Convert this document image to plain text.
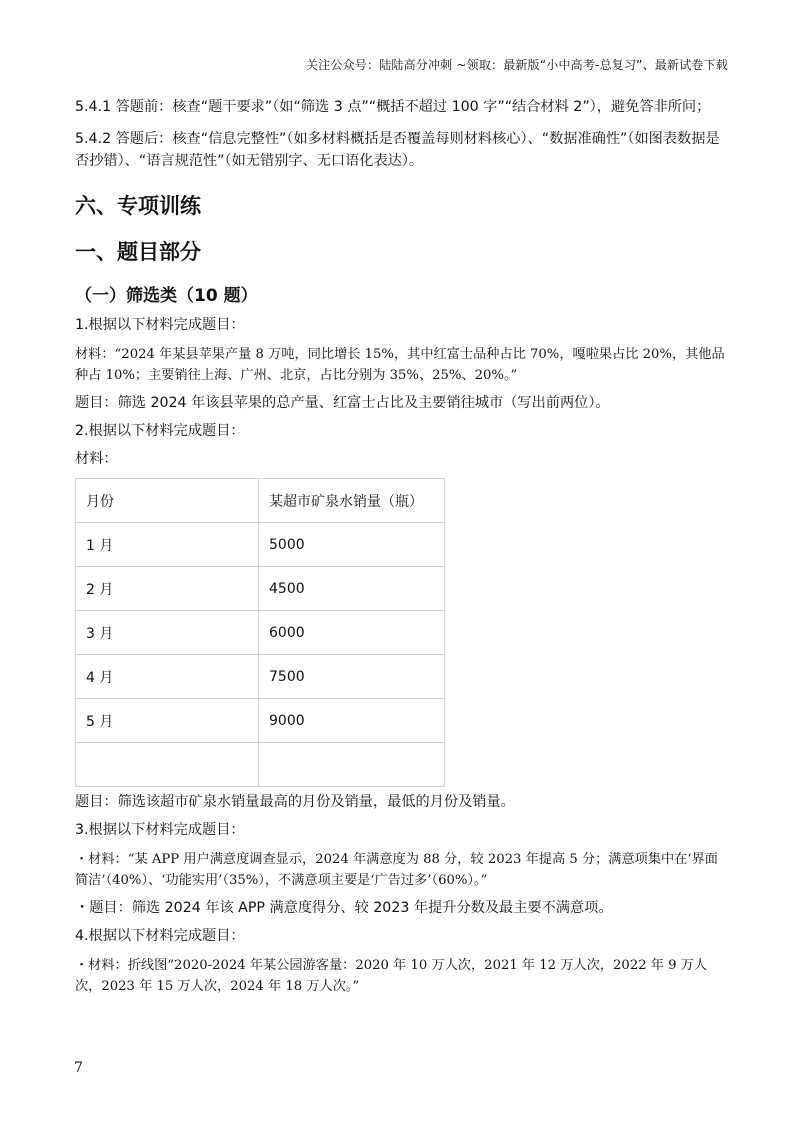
关注公众号：陆陆高分冲刺 ~领取：最新版“小中高考-总复习”、最新试卷下载

5.4.1 答题前：核查“题干要求”（如“筛选 3 点”“概括不超过 100 字”“结合材料 2”），避免答非所问；

5.4.2 答题后：核查“信息完整性”（如多材料概括是否覆盖每则材料核心）、“数据准确性”（如图表数据是否抄错）、“语言规范性”（如无错别字、无口语化表达）。

六、专项训练
一、题目部分
（一）筛选类（10 题）

1.根据以下材料完成题目：

材料：“2024 年某县苹果产量 8 万吨，同比增长 15%，其中红富士品种占比 70%，嘎啦果占比 20%，其他品种占 10%；主要销往上海、广州、北京，占比分别为 35%、25%、20%。”

题目：筛选 2024 年该县苹果的总产量、红富士占比及主要销往城市（写出前两位）。

2.根据以下材料完成题目：

材料：

月份	某超市矿泉水销量（瓶）
1 月	5000
2 月	4500
3 月	6000
4 月	7500
5 月	9000

题目：筛选该超市矿泉水销量最高的月份及销量，最低的月份及销量。

3.根据以下材料完成题目：

・材料：“某 APP 用户满意度调查显示，2024 年满意度为 88 分，较 2023 年提高 5 分；满意项集中在‘界面简洁’（40%）、‘功能实用’（35%），不满意项主要是‘广告过多’（60%）。”

・题目：筛选 2024 年该 APP 满意度得分、较 2023 年提升分数及最主要不满意项。

4.根据以下材料完成题目：

・材料：折线图“2020-2024 年某公园游客量：2020 年 10 万人次，2021 年 12 万人次，2022 年 9 万人次，2023 年 15 万人次，2024 年 18 万人次。”

7
